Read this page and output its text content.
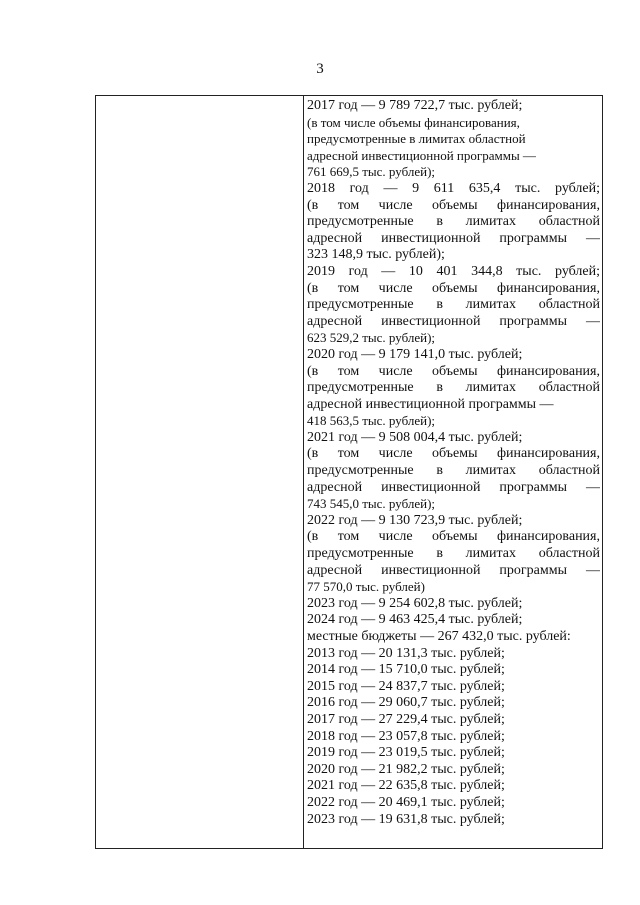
3
2017 год — 9 789 722,7 тыс. рублей;
(в том числе объемы финансирования,
предусмотренные в лимитах областной
адресной инвестиционной программы —
761 669,5 тыс. рублей);
2018 год — 9 611 635,4 тыс. рублей;
(в том числе объемы финансирования,
предусмотренные в лимитах областной
адресной инвестиционной программы —
323 148,9 тыс. рублей);
2019 год — 10 401 344,8 тыс. рублей;
(в том числе объемы финансирования,
предусмотренные в лимитах областной
адресной инвестиционной программы —
623 529,2 тыс. рублей);
2020 год — 9 179 141,0 тыс. рублей;
(в том числе объемы финансирования,
предусмотренные в лимитах областной
адресной инвестиционной программы —
418 563,5 тыс. рублей);
2021 год — 9 508 004,4 тыс. рублей;
(в том числе объемы финансирования,
предусмотренные в лимитах областной
адресной инвестиционной программы —
743 545,0 тыс. рублей);
2022 год — 9 130 723,9 тыс. рублей;
(в том числе объемы финансирования,
предусмотренные в лимитах областной
адресной инвестиционной программы —
77 570,0 тыс. рублей)
2023 год — 9 254 602,8 тыс. рублей;
2024 год — 9 463 425,4 тыс. рублей;
местные бюджеты — 267 432,0 тыс. рублей:
2013 год — 20 131,3 тыс. рублей;
2014 год — 15 710,0 тыс. рублей;
2015 год — 24 837,7 тыс. рублей;
2016 год — 29 060,7 тыс. рублей;
2017 год — 27 229,4 тыс. рублей;
2018 год — 23 057,8 тыс. рублей;
2019 год — 23 019,5 тыс. рублей;
2020 год — 21 982,2 тыс. рублей;
2021 год — 22 635,8 тыс. рублей;
2022 год — 20 469,1 тыс. рублей;
2023 год — 19 631,8 тыс. рублей;
